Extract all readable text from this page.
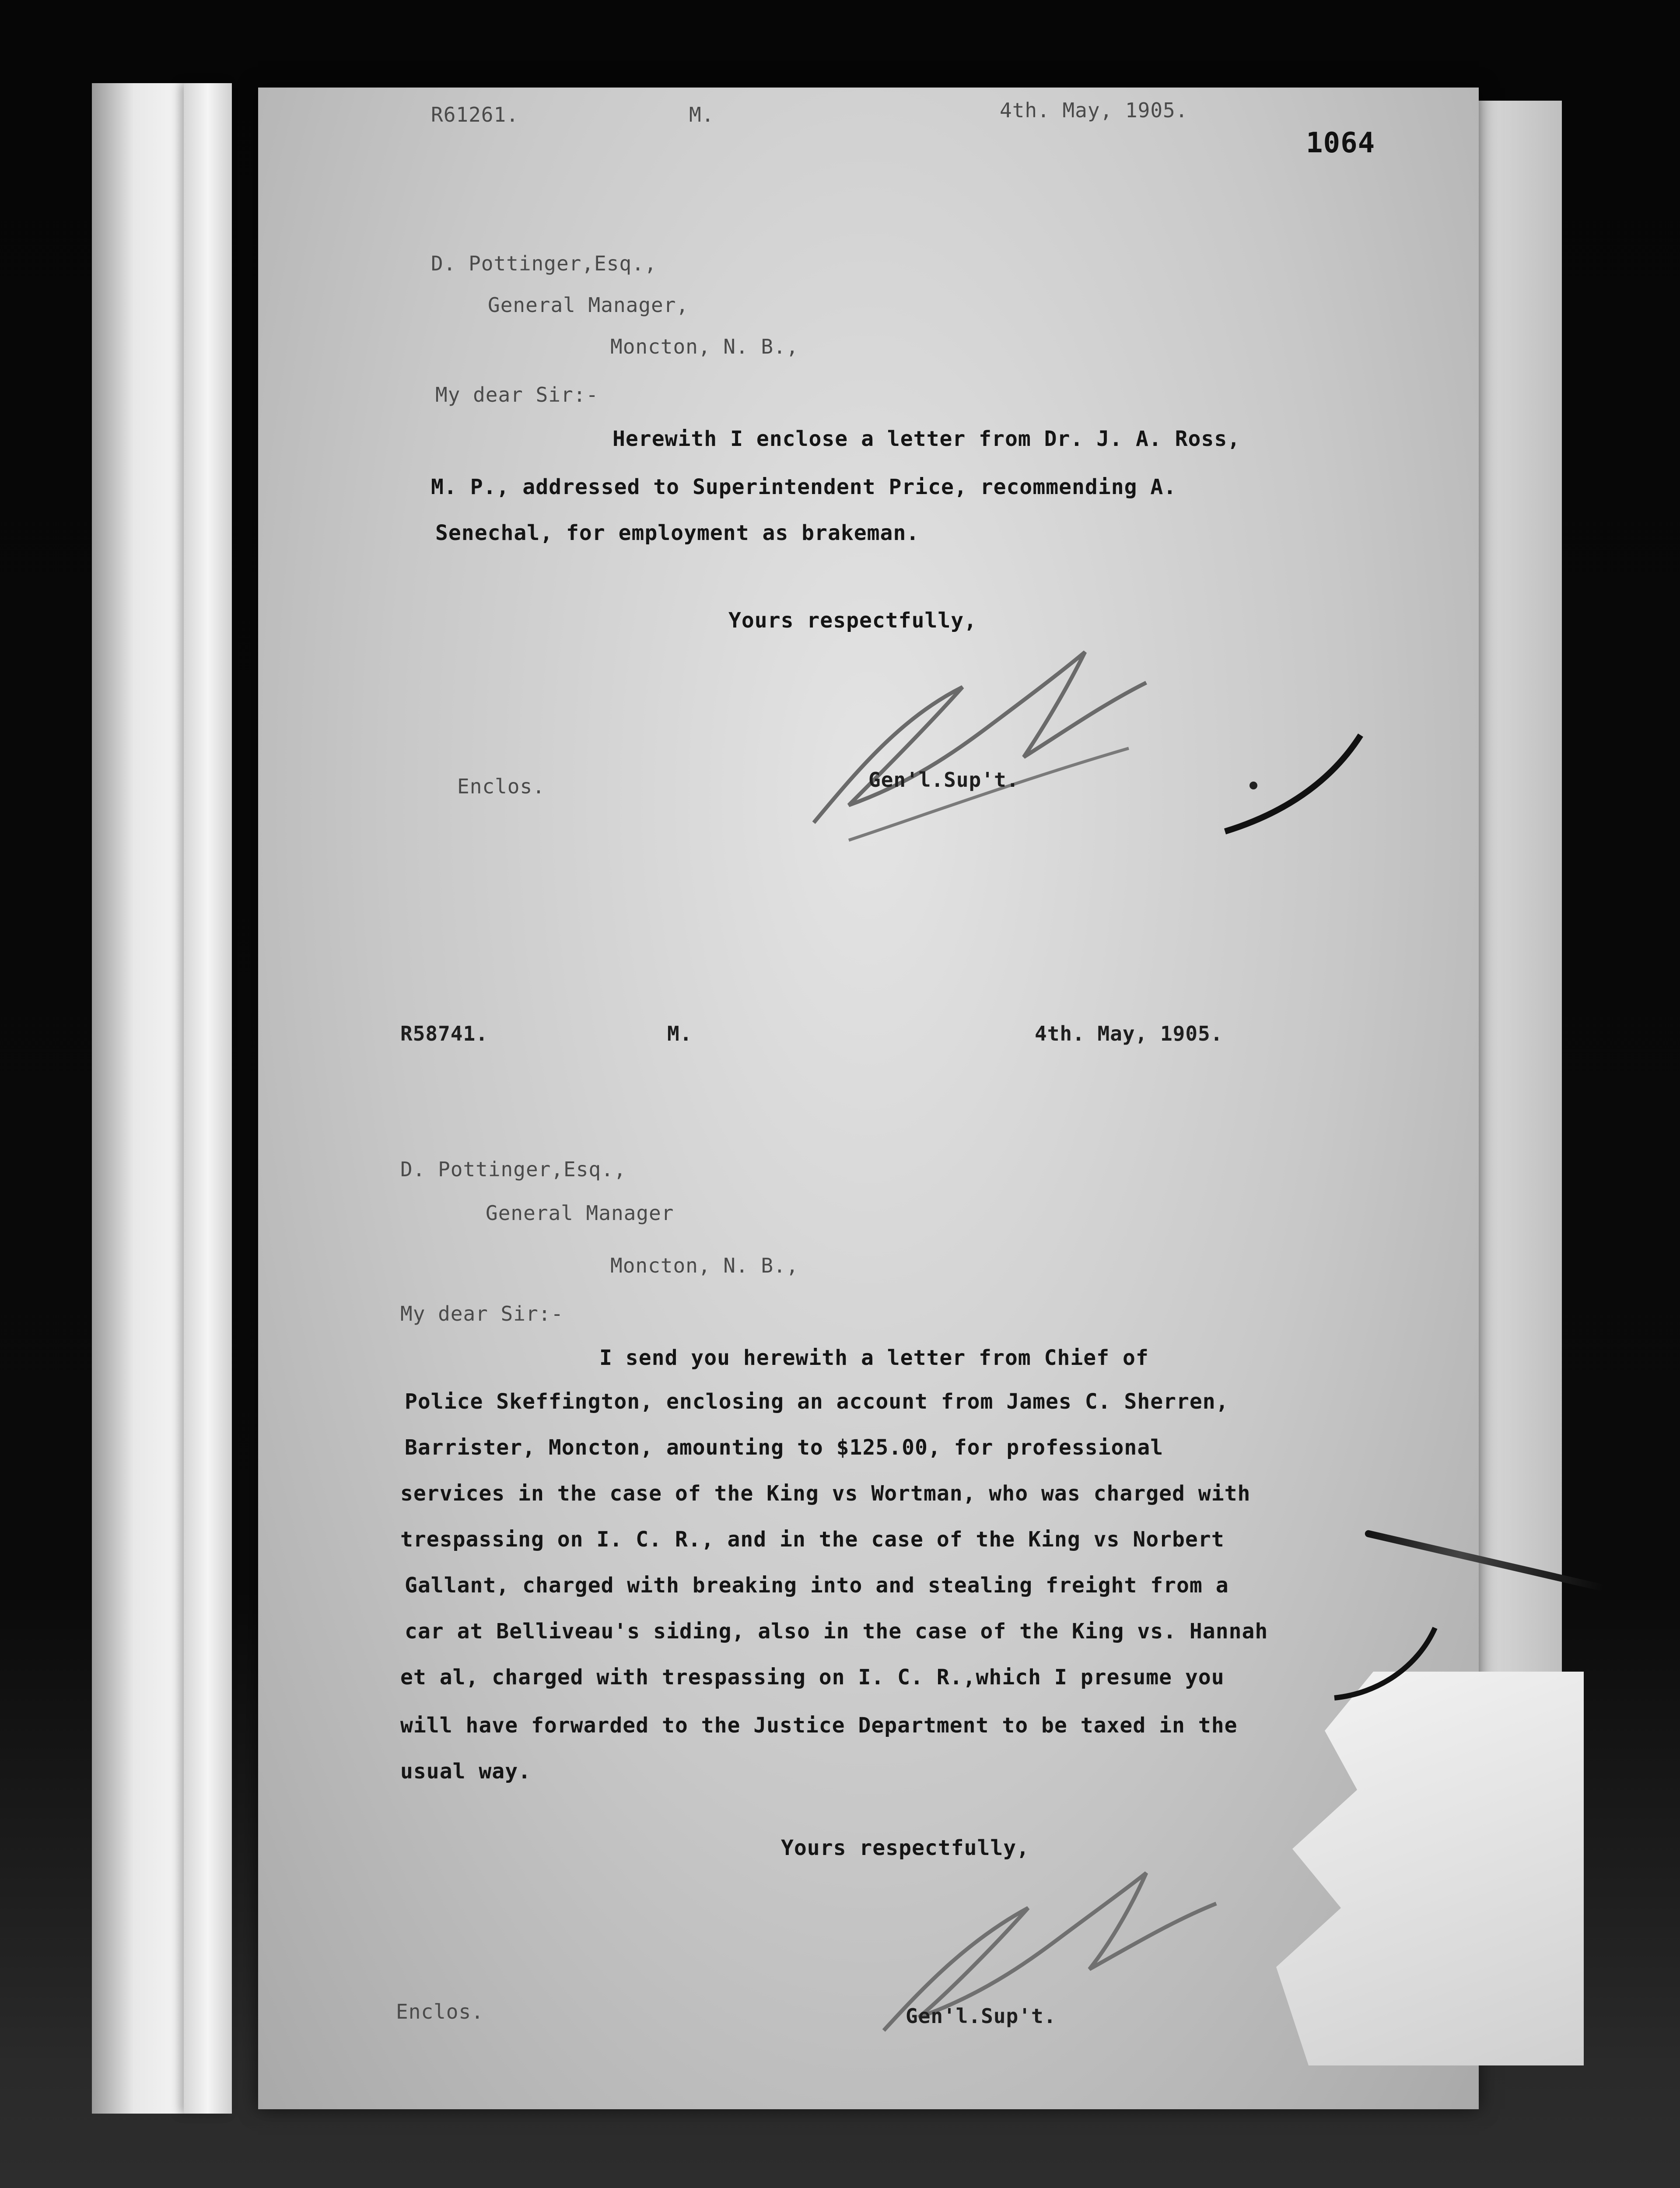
R61261.	M.	4th. May, 1905.
1064
D. Pottinger,Esq.,
General Manager,
Moncton, N. B.,
My dear Sir:-
Herewith I enclose a letter from Dr. J. A. Ross,
M. P., addressed to Superintendent Price, recommending A.
Senechal, for employment as brakeman.
Yours respectfully,
Enclos.	Gen'l.Sup't.
R58741.	M.	4th. May, 1905.
D. Pottinger,Esq.,
General Manager
Moncton, N. B.,
My dear Sir:-
I send you herewith a letter from Chief of
Police Skeffington, enclosing an account from James C. Sherren,
Barrister, Moncton, amounting to $125.00, for professional
services in the case of the King vs Wortman, who was charged with
trespassing on I. C. R., and in the case of the King vs Norbert
Gallant, charged with breaking into and stealing freight from a
car at Belliveau's siding, also in the case of the King vs. Hannah
et al, charged with trespassing on I. C. R.,which I presume you
will have forwarded to the Justice Department to be taxed in the
usual way.
Yours respectfully,
Enclos.	Gen'l.Sup't.
